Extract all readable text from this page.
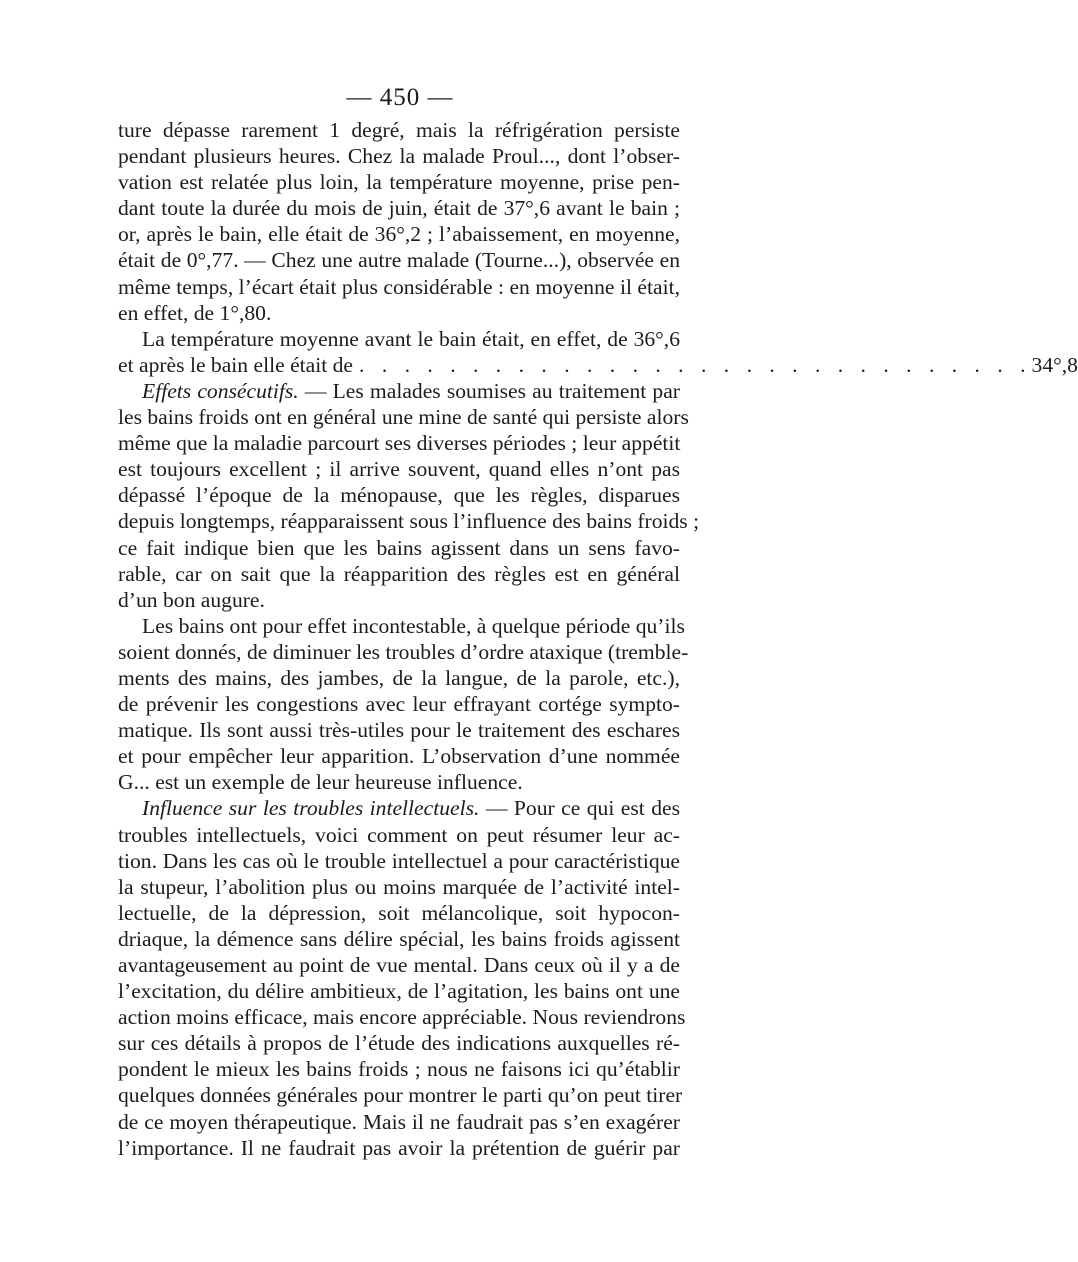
— 450 —
ture dépasse rarement 1 degré, mais la réfrigération persiste
pendant plusieurs heures. Chez la malade Proul..., dont l’obser-
vation est relatée plus loin, la température moyenne, prise pen-
dant toute la durée du mois de juin, était de 37°,6 avant le bain ;
or, après le bain, elle était de 36°,2 ; l’abaissement, en moyenne,
était de 0°,77. — Chez une autre malade (Tourne...), observée en
même temps, l’écart était plus considérable : en moyenne il était,
en effet, de 1°,80.
La température moyenne avant le bain était, en effet, de 36°,6
et après le bain elle était de . . . . . . . . . . . . . . . . . . . . . . . . . . . . . . 34°,8
Effets consécutifs. — Les malades soumises au traitement par
les bains froids ont en général une mine de santé qui persiste alors
même que la maladie parcourt ses diverses périodes ; leur appétit
est toujours excellent ; il arrive souvent, quand elles n’ont pas
dépassé l’époque de la ménopause, que les règles, disparues
depuis longtemps, réapparaissent sous l’influence des bains froids ;
ce fait indique bien que les bains agissent dans un sens favo-
rable, car on sait que la réapparition des règles est en général
d’un bon augure.
Les bains ont pour effet incontestable, à quelque période qu’ils
soient donnés, de diminuer les troubles d’ordre ataxique (tremble-
ments des mains, des jambes, de la langue, de la parole, etc.),
de prévenir les congestions avec leur effrayant cortége sympto-
matique. Ils sont aussi très-utiles pour le traitement des eschares
et pour empêcher leur apparition. L’observation d’une nommée
G... est un exemple de leur heureuse influence.
Influence sur les troubles intellectuels. — Pour ce qui est des
troubles intellectuels, voici comment on peut résumer leur ac-
tion. Dans les cas où le trouble intellectuel a pour caractéristique
la stupeur, l’abolition plus ou moins marquée de l’activité intel-
lectuelle, de la dépression, soit mélancolique, soit hypocon-
driaque, la démence sans délire spécial, les bains froids agissent
avantageusement au point de vue mental. Dans ceux où il y a de
l’excitation, du délire ambitieux, de l’agitation, les bains ont une
action moins efficace, mais encore appréciable. Nous reviendrons
sur ces détails à propos de l’étude des indications auxquelles ré-
pondent le mieux les bains froids ; nous ne faisons ici qu’établir
quelques données générales pour montrer le parti qu’on peut tirer
de ce moyen thérapeutique. Mais il ne faudrait pas s’en exagérer
l’importance. Il ne faudrait pas avoir la prétention de guérir par
